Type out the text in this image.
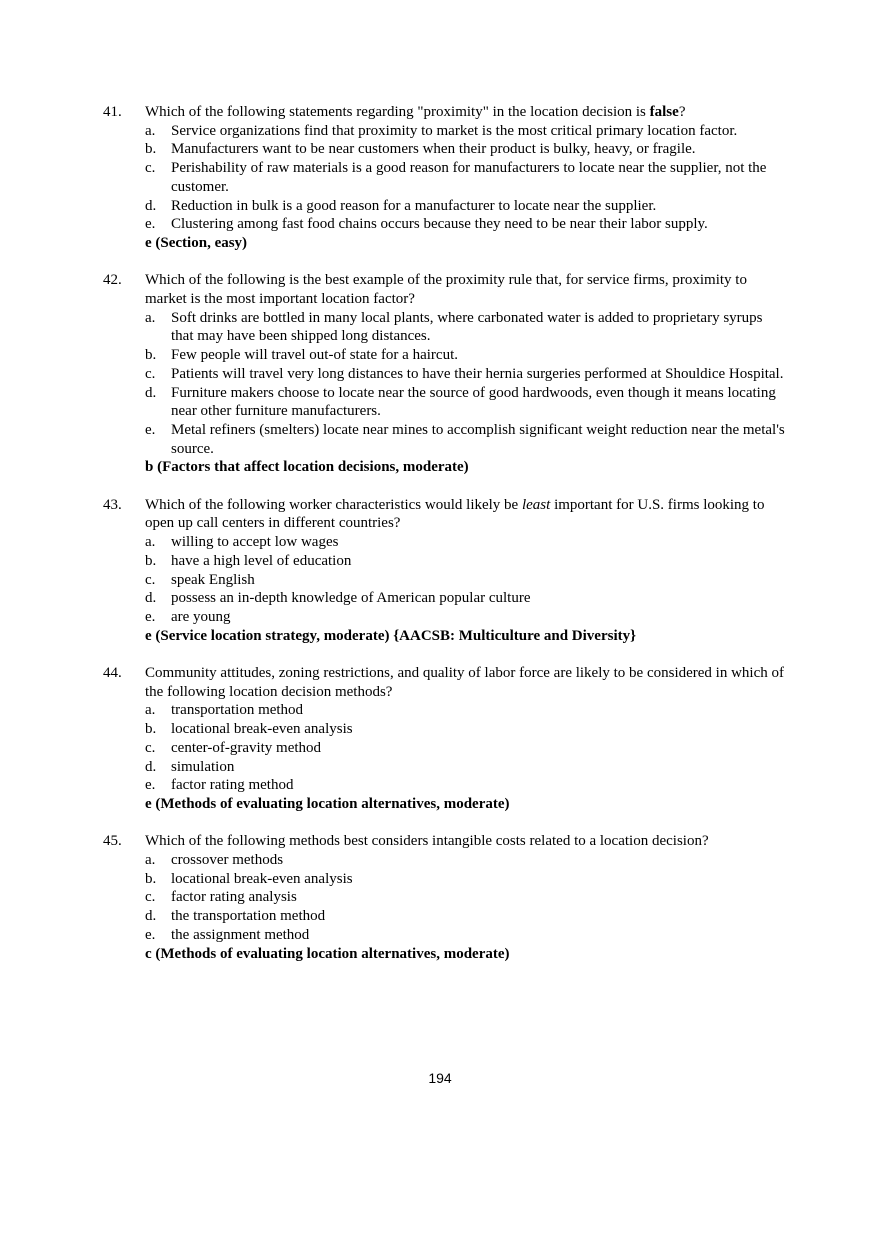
41. Which of the following statements regarding "proximity" in the location decision is false?
a. Service organizations find that proximity to market is the most critical primary location factor.
b. Manufacturers want to be near customers when their product is bulky, heavy, or fragile.
c. Perishability of raw materials is a good reason for manufacturers to locate near the supplier, not the customer.
d. Reduction in bulk is a good reason for a manufacturer to locate near the supplier.
e. Clustering among fast food chains occurs because they need to be near their labor supply.
e (Section, easy)
42. Which of the following is the best example of the proximity rule that, for service firms, proximity to market is the most important location factor?
a. Soft drinks are bottled in many local plants, where carbonated water is added to proprietary syrups that may have been shipped long distances.
b. Few people will travel out-of state for a haircut.
c. Patients will travel very long distances to have their hernia surgeries performed at Shouldice Hospital.
d. Furniture makers choose to locate near the source of good hardwoods, even though it means locating near other furniture manufacturers.
e. Metal refiners (smelters) locate near mines to accomplish significant weight reduction near the metal's source.
b (Factors that affect location decisions, moderate)
43. Which of the following worker characteristics would likely be least important for U.S. firms looking to open up call centers in different countries?
a. willing to accept low wages
b. have a high level of education
c. speak English
d. possess an in-depth knowledge of American popular culture
e. are young
e (Service location strategy, moderate) {AACSB: Multiculture and Diversity}
44. Community attitudes, zoning restrictions, and quality of labor force are likely to be considered in which of the following location decision methods?
a. transportation method
b. locational break-even analysis
c. center-of-gravity method
d. simulation
e. factor rating method
e (Methods of evaluating location alternatives, moderate)
45. Which of the following methods best considers intangible costs related to a location decision?
a. crossover methods
b. locational break-even analysis
c. factor rating analysis
d. the transportation method
e. the assignment method
c (Methods of evaluating location alternatives, moderate)
194
